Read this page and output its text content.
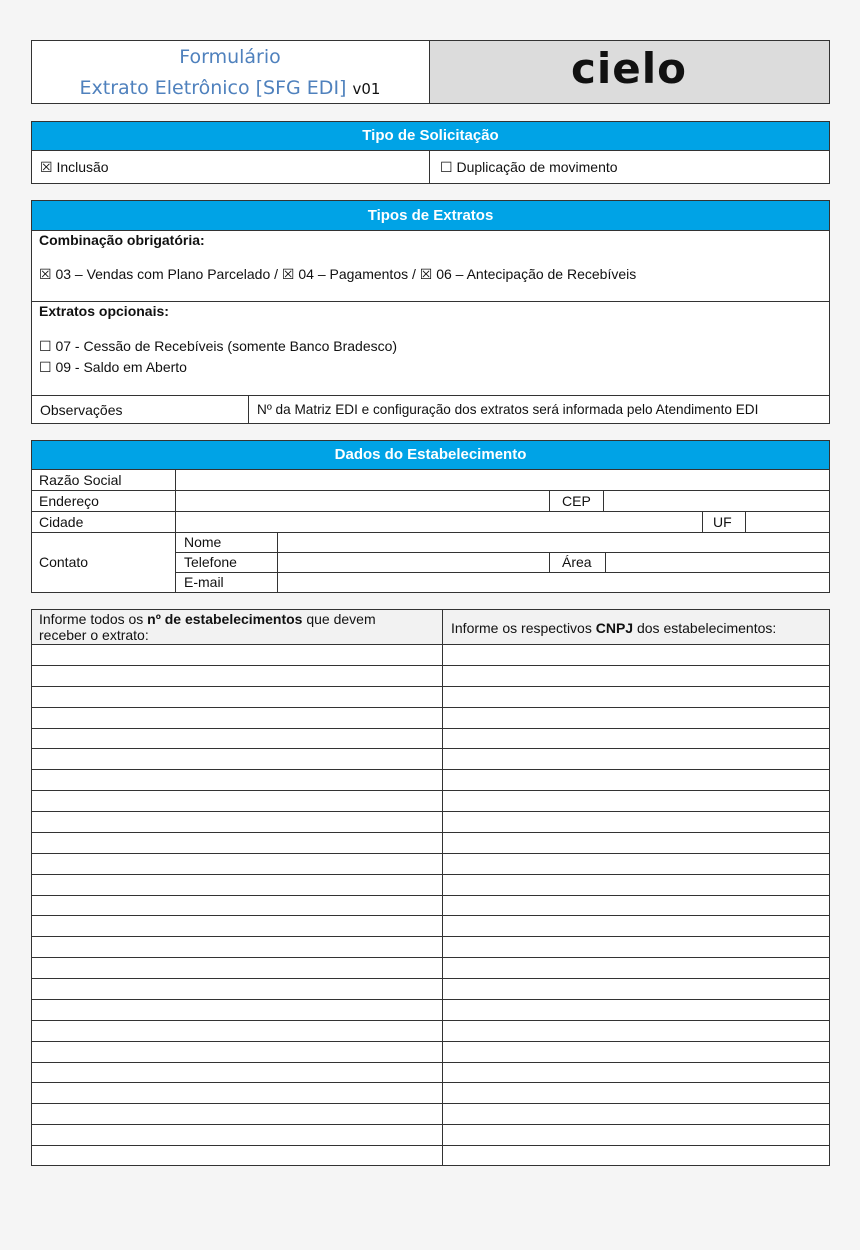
Formulário
Extrato Eletrônico [SFG EDI] v01	cielo
Tipo de Solicitação
☒ Inclusão	☐ Duplicação de movimento
Tipos de Extratos
Combinação obrigatória:
☒ 03 – Vendas com Plano Parcelado / ☒ 04 – Pagamentos / ☒ 06 – Antecipação de Recebíveis
Extratos opcionais:
☐ 07 - Cessão de Recebíveis (somente Banco Bradesco)
☐ 09 - Saldo em Aberto
Observações	Nº da Matriz EDI e configuração dos extratos será informada pelo Atendimento EDI
Dados do Estabelecimento
Razão Social
Endereço	CEP
Cidade	UF
Contato
Nome
Telefone	Área
E-mail
Informe todos os nº de estabelecimentos que devem
receber o extrato:	Informe os respectivos CNPJ dos estabelecimentos:
